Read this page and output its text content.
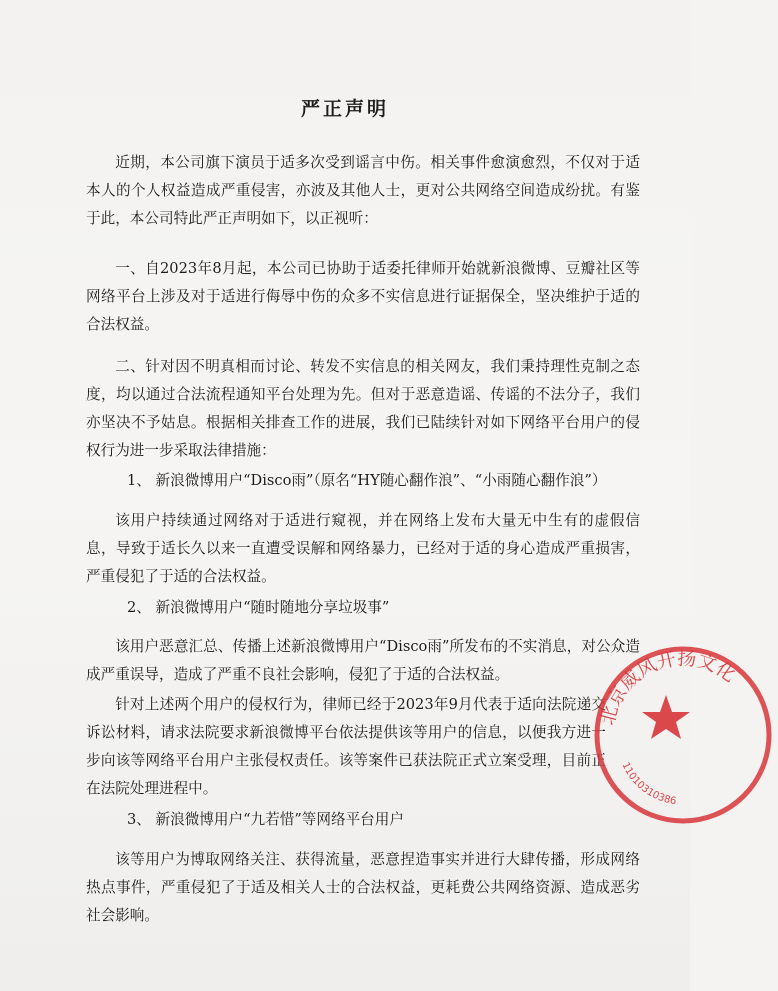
严正声明
近期，本公司旗下演员于适多次受到谣言中伤。相关事件愈演愈烈，不仅对于适本人的个人权益造成严重侵害，亦波及其他人士，更对公共网络空间造成纷扰。有鉴于此，本公司特此严正声明如下，以正视听：
一、自2023年8月起，本公司已协助于适委托律师开始就新浪微博、豆瓣社区等网络平台上涉及对于适进行侮辱中伤的众多不实信息进行证据保全，坚决维护于适的合法权益。
二、针对因不明真相而讨论、转发不实信息的相关网友，我们秉持理性克制之态度，均以通过合法流程通知平台处理为先。但对于恶意造谣、传谣的不法分子，我们亦坚决不予姑息。根据相关排查工作的进展，我们已陆续针对如下网络平台用户的侵权行为进一步采取法律措施：
1、 新浪微博用户“Disco雨”（原名“HY随心翻作浪”、“小雨随心翻作浪”）
该用户持续通过网络对于适进行窥视，并在网络上发布大量无中生有的虚假信息，导致于适长久以来一直遭受误解和网络暴力，已经对于适的身心造成严重损害，严重侵犯了于适的合法权益。
2、 新浪微博用户“随时随地分享垃圾事”
该用户恶意汇总、传播上述新浪微博用户“Disco雨”所发布的不实消息，对公众造成严重误导，造成了严重不良社会影响，侵犯了于适的合法权益。
针对上述两个用户的侵权行为，律师已经于2023年9月代表于适向法院递交诉讼材料，请求法院要求新浪微博平台依法提供该等用户的信息，以便我方进一步向该等网络平台用户主张侵权责任。该等案件已获法院正式立案受理，目前正在法院处理进程中。
3、 新浪微博用户“九若惜”等网络平台用户
该等用户为博取网络关注、获得流量，恶意捏造事实并进行大肆传播，形成网络热点事件，严重侵犯了于适及相关人士的合法权益，更耗费公共网络资源、造成恶劣社会影响。
北京威风开扬文化
11010310386
